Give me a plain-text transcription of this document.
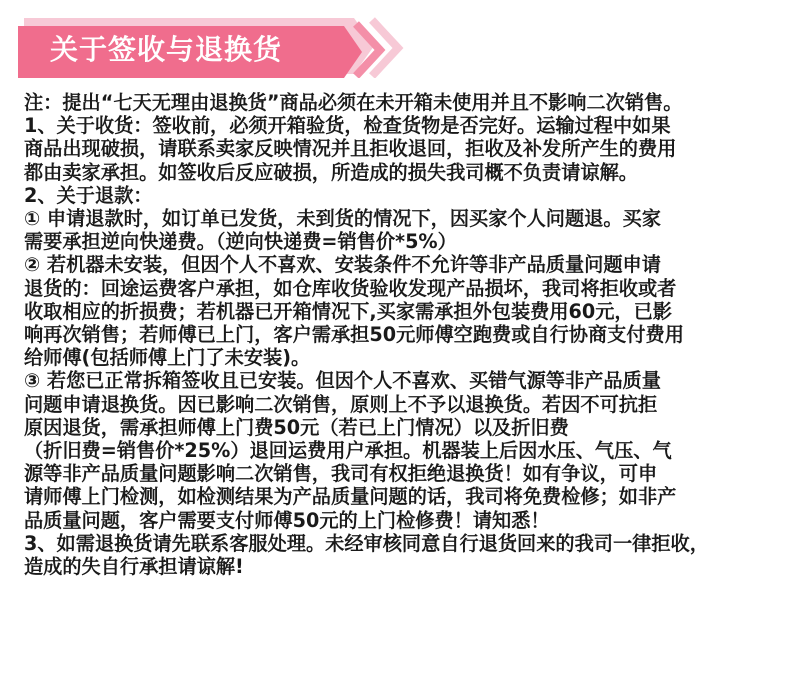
关于签收与退换货
注：提出“七天无理由退换货”商品必须在未开箱未使用并且不影响二次销售。
1、关于收货：签收前，必须开箱验货，检查货物是否完好。运输过程中如果
商品出现破损，请联系卖家反映情况并且拒收退回，拒收及补发所产生的费用
都由卖家承担。如签收后反应破损，所造成的损失我司概不负责请谅解。
2、关于退款：
① 申请退款时，如订单已发货，未到货的情况下，因买家个人问题退。买家
需要承担逆向快递费。（逆向快递费=销售价*5%）
② 若机器未安装，但因个人不喜欢、安装条件不允许等非产品质量问题申请
退货的：回途运费客户承担，如仓库收货验收发现产品损坏，我司将拒收或者
收取相应的折损费；若机器已开箱情况下,买家需承担外包装费用60元，已影
响再次销售；若师傅已上门，客户需承担50元师傅空跑费或自行协商支付费用
给师傅(包括师傅上门了未安装)。
③ 若您已正常拆箱签收且已安装。但因个人不喜欢、买错气源等非产品质量
问题申请退换货。因已影响二次销售，原则上不予以退换货。若因不可抗拒
原因退货，需承担师傅上门费50元（若已上门情况）以及折旧费
（折旧费=销售价*25%）退回运费用户承担。机器装上后因水压、气压、气
源等非产品质量问题影响二次销售，我司有权拒绝退换货！如有争议，可申
请师傅上门检测，如检测结果为产品质量问题的话，我司将免费检修；如非产
品质量问题，客户需要支付师傅50元的上门检修费！请知悉！
3、如需退换货请先联系客服处理。未经审核同意自行退货回来的我司一律拒收，
造成的失自行承担请谅解!
